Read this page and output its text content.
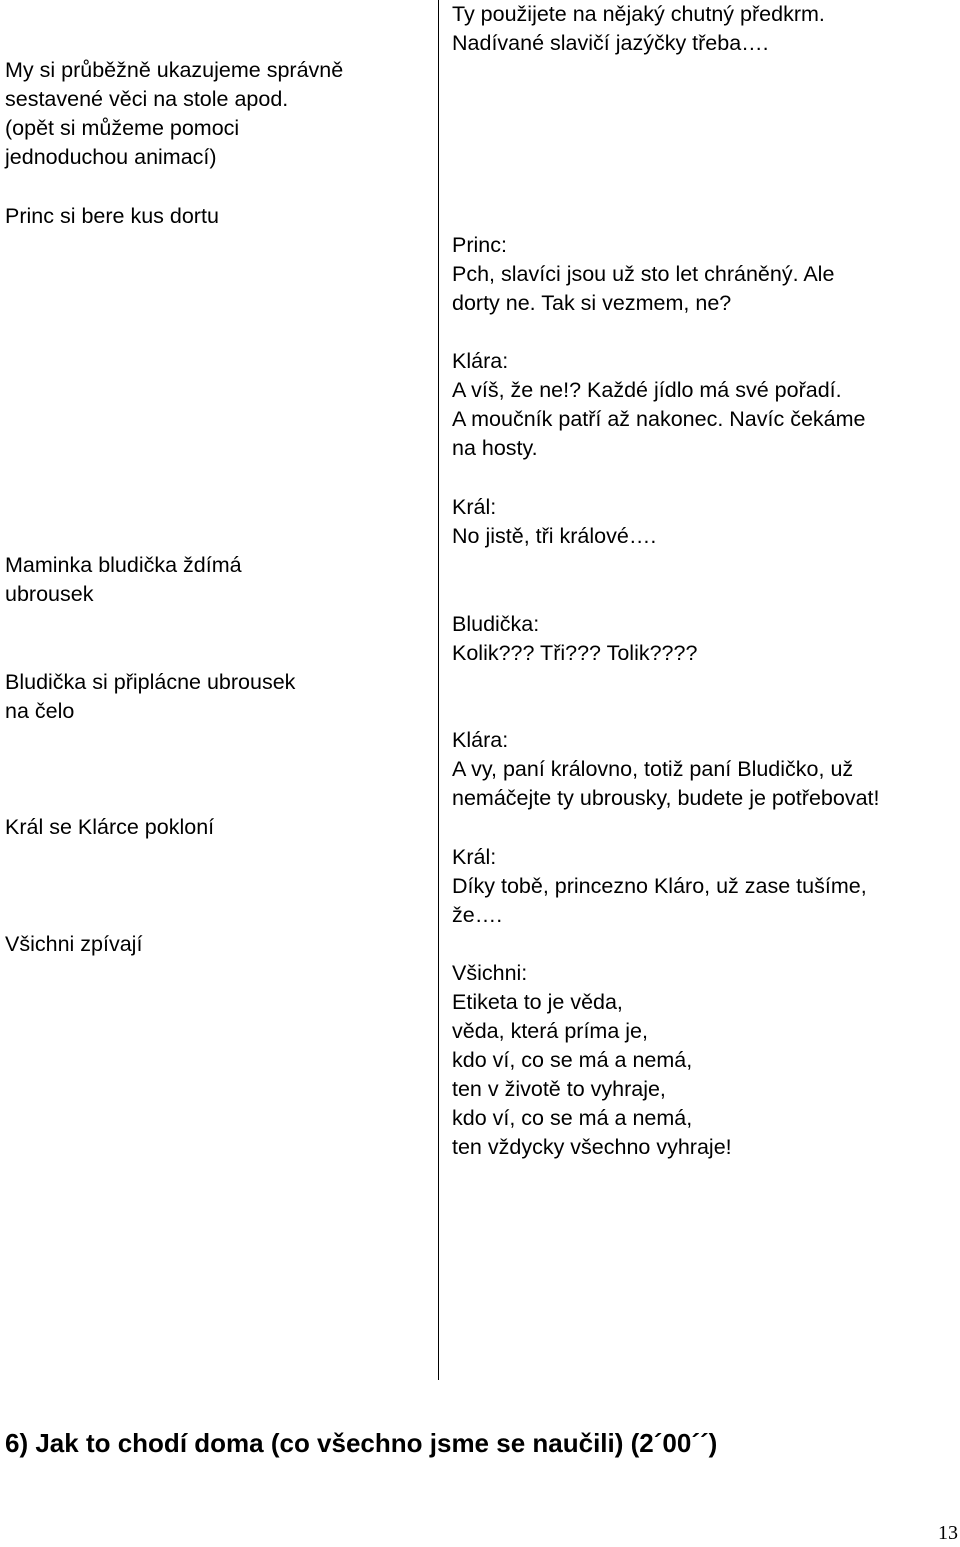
My si průběžně ukazujeme správně
sestavené věci na stole apod.
(opět si můžeme pomoci
jednoduchou animací)
Princ si bere kus dortu
Maminka bludička ždímá
ubrousek
Bludička si připlácne ubrousek
na čelo
Král se Klárce pokloní
Všichni zpívají
Ty použijete na nějaký chutný předkrm.
Nadívané slavičí jazýčky třeba….
Princ:
Pch, slavíci jsou už sto let chráněný. Ale
dorty ne. Tak si vezmem, ne?
Klára:
A víš, že ne!? Každé jídlo má své pořadí.
A moučník patří až nakonec. Navíc čekáme
na hosty.
Král:
No jistě, tři králové….
Bludička:
Kolik??? Tři??? Tolik????
Klára:
A vy, paní královno, totiž paní Bludičko, už
nemáčejte ty ubrousky, budete je potřebovat!
Král:
Díky tobě, princezno Kláro, už zase tušíme,
že….
Všichni:
Etiketa to je věda,
věda, která príma je,
kdo ví, co se má a nemá,
ten v životě to vyhraje,
kdo ví, co se má a nemá,
ten vždycky všechno vyhraje!
6) Jak to chodí doma (co všechno jsme se naučili) (2´00´´)
13
